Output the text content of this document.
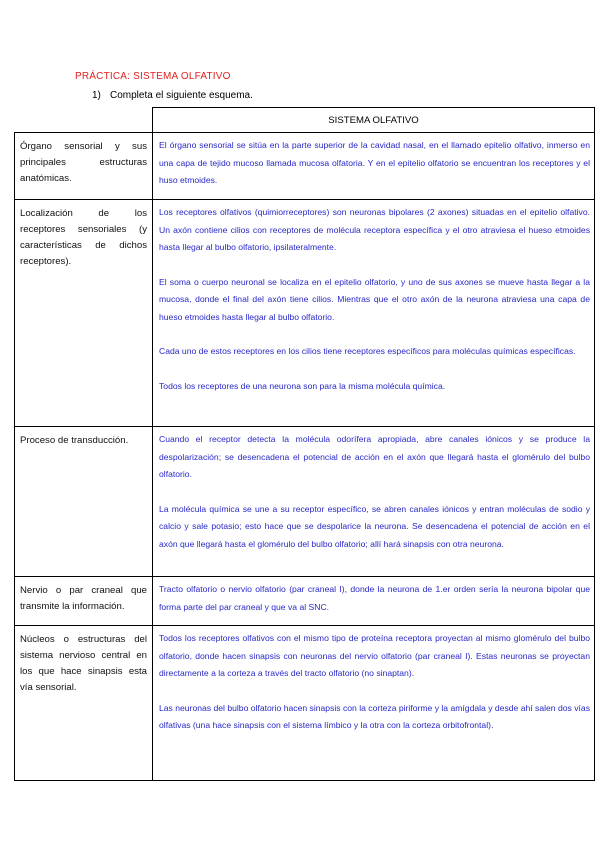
PRÁCTICA: SISTEMA OLFATIVO
1) Completa el siguiente esquema.
	SISTEMA OLFATIVO
Órgano sensorial y sus principales estructuras anatómicas.	El órgano sensorial se sitúa en la parte superior de la cavidad nasal, en el llamado epitelio olfativo, inmerso en una capa de tejido mucoso llamada mucosa olfatoria. Y en el epitelio olfatorio se encuentran los receptores y el huso etmoides.

Localización de los receptores sensoriales (y características de dichos receptores).	Los receptores olfativos (quimiorreceptores) son neuronas bipolares (2 axones) situadas en el epitelio olfativo. Un axón contiene cilios con receptores de molécula receptora específica y el otro atraviesa el hueso etmoides hasta llegar al bulbo olfatorio, ipsilateralmente.

El soma o cuerpo neuronal se localiza en el epitelio olfatorio, y uno de sus axones se mueve hasta llegar a la mucosa, donde el final del axón tiene cilios. Mientras que el otro axón de la neurona atraviesa una capa de hueso etmoides hasta llegar al bulbo olfatorio.

Cada uno de estos receptores en los cilios tiene receptores específicos para moléculas químicas específicas.

Todos los receptores de una neurona son para la misma molécula química.

Proceso de transducción.	Cuando el receptor detecta la molécula odorífera apropiada, abre canales iónicos y se produce la despolarización; se desencadena el potencial de acción en el axón que llegará hasta el glomérulo del bulbo olfatorio.

La molécula química se une a su receptor específico, se abren canales iónicos y entran moléculas de sodio y calcio y sale potasio; esto hace que se despolarice la neurona. Se desencadena el potencial de acción en el axón que llegará hasta el glomérulo del bulbo olfatorio; allí hará sinapsis con otra neurona.

Nervio o par craneal que transmite la información.	Tracto olfatorio o nervio olfatorio (par craneal I), donde la neurona de 1.er orden sería la neurona bipolar que forma parte del par craneal y que va al SNC.

Núcleos o estructuras del sistema nervioso central en los que hace sinapsis esta vía sensorial.	Todos los receptores olfativos con el mismo tipo de proteína receptora proyectan al mismo glomérulo del bulbo olfatorio, donde hacen sinapsis con neuronas del nervio olfatorio (par craneal I). Estas neuronas se proyectan directamente a la corteza a través del tracto olfatorio (no sinaptan).

Las neuronas del bulbo olfatorio hacen sinapsis con la corteza piriforme y la amígdala y desde ahí salen dos vías olfativas (una hace sinapsis con el sistema límbico y la otra con la corteza orbitofrontal).
